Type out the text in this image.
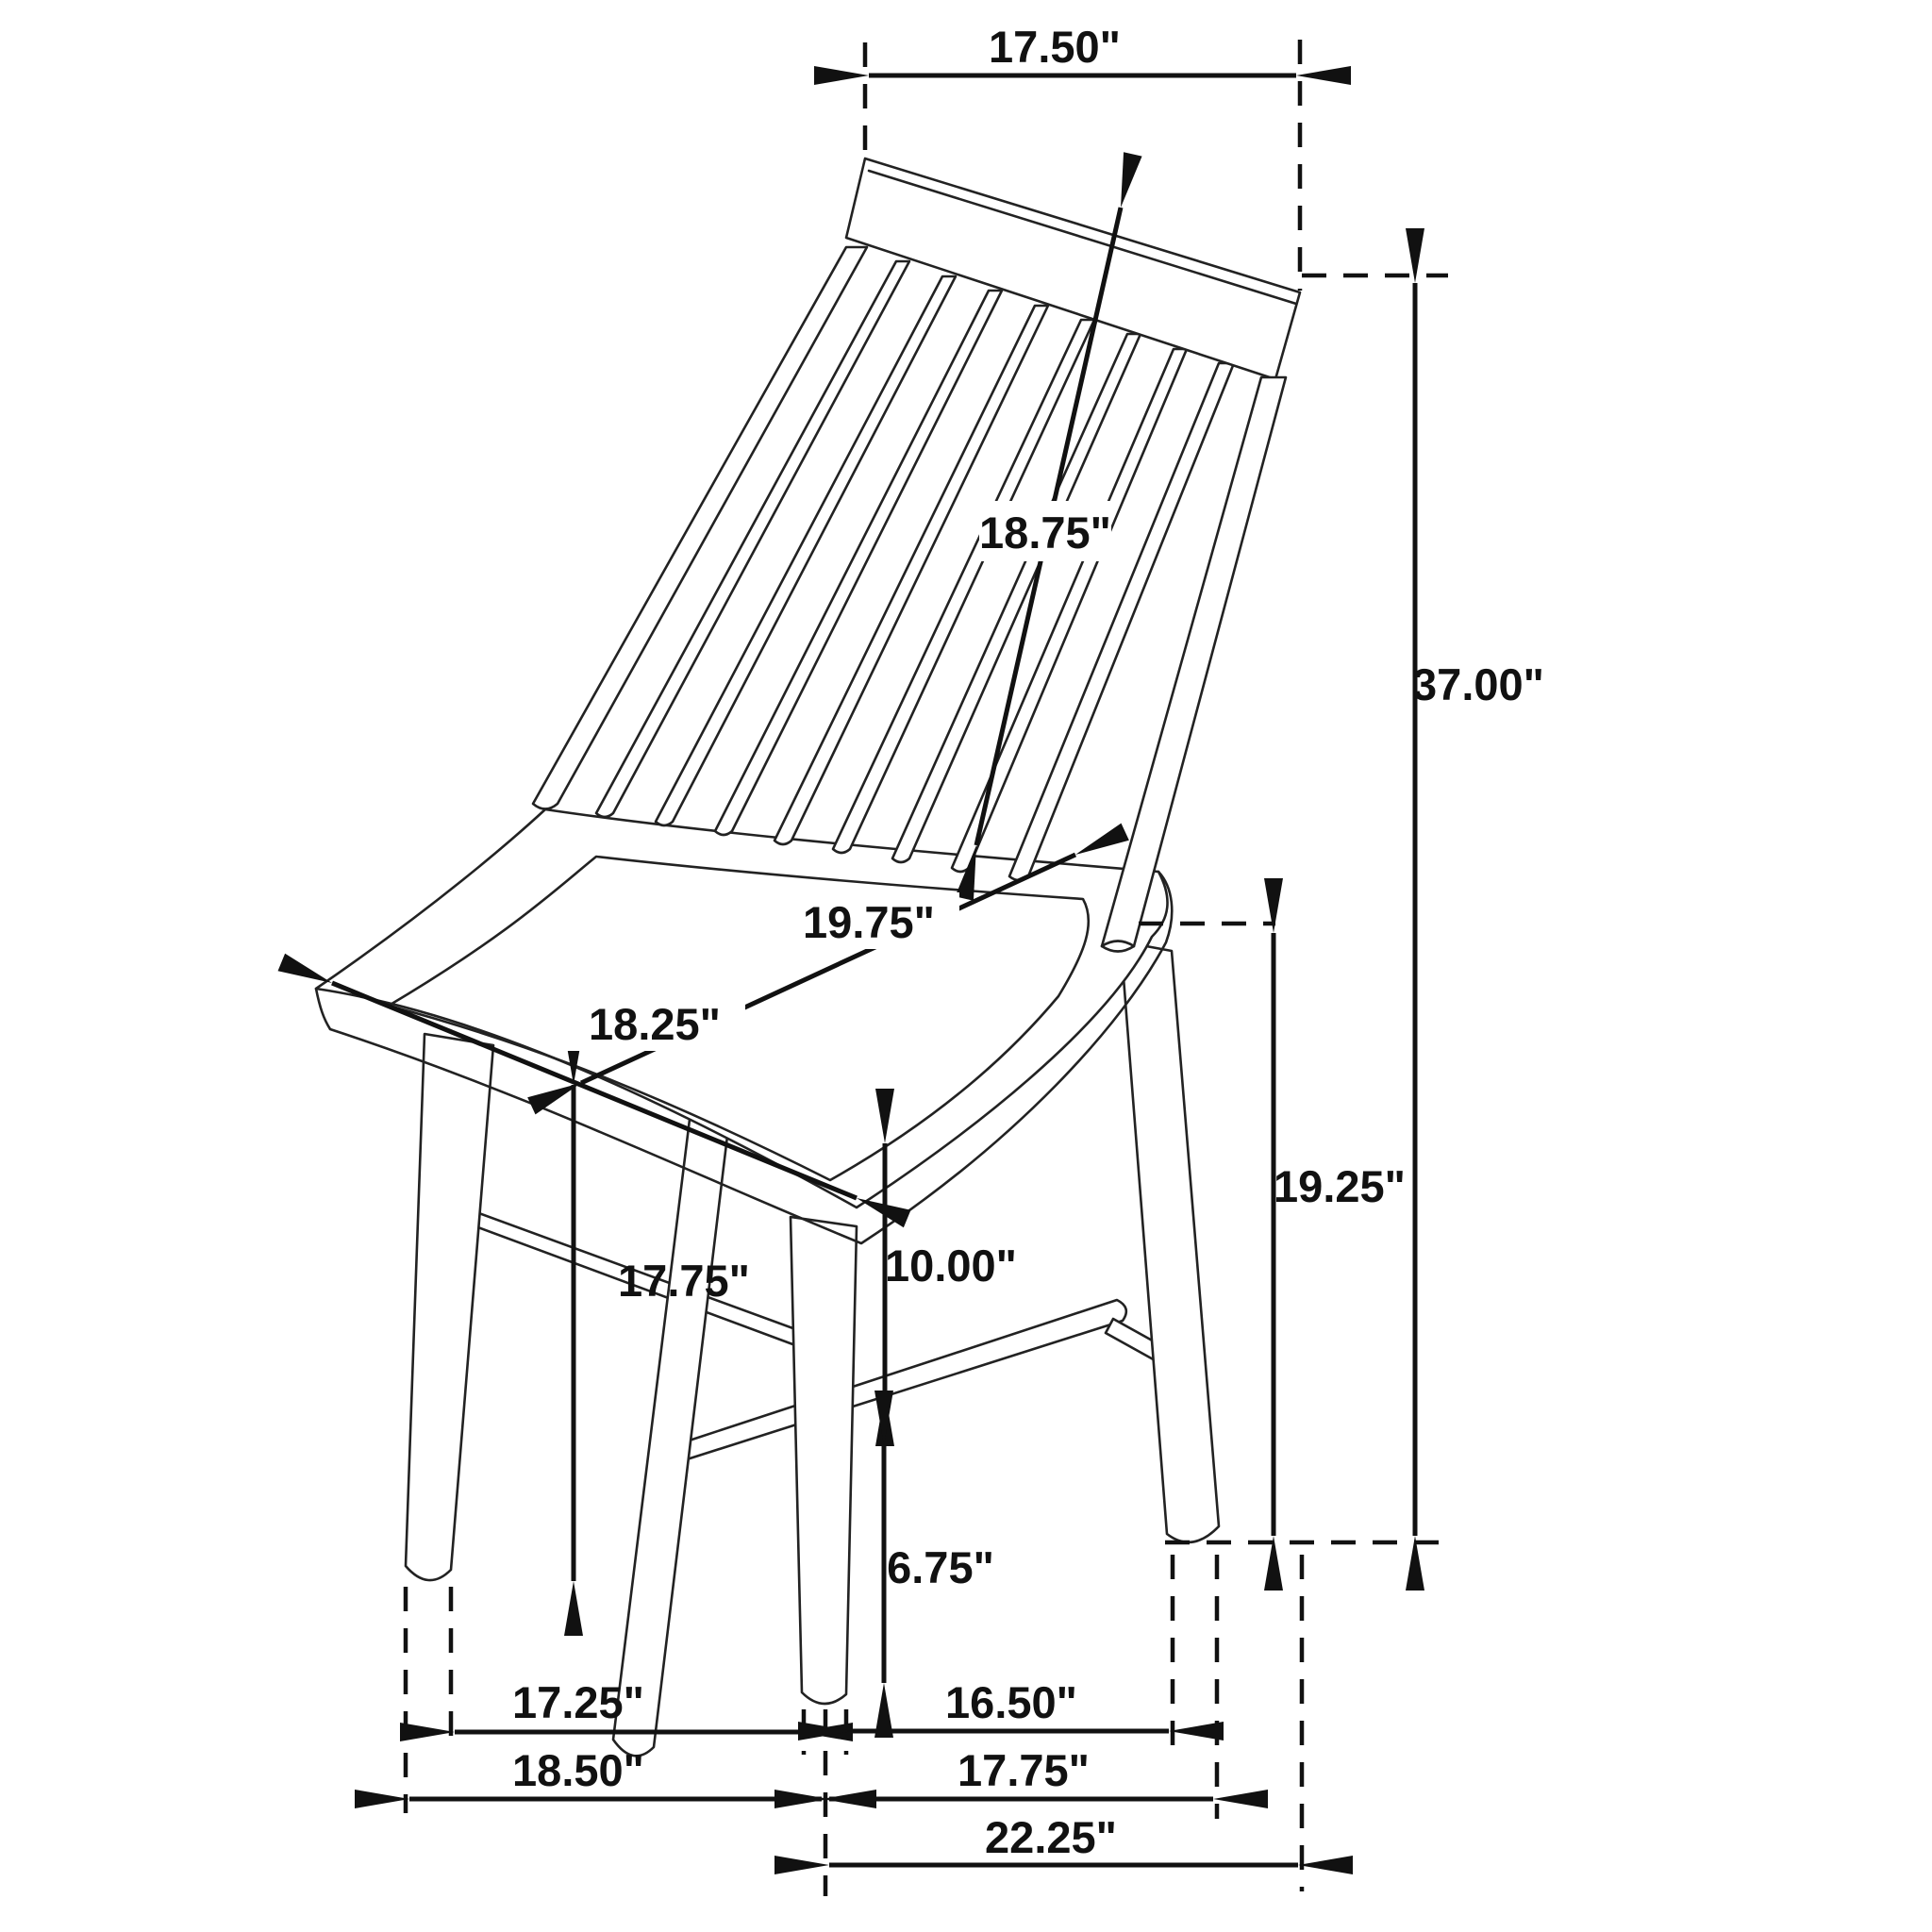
17.50"
18.75"
37.00"
19.25"
19.75"
18.25"
17.75"	10.00"
6.75"
17.25"
18.50"
16.50"
17.75"
22.25"
